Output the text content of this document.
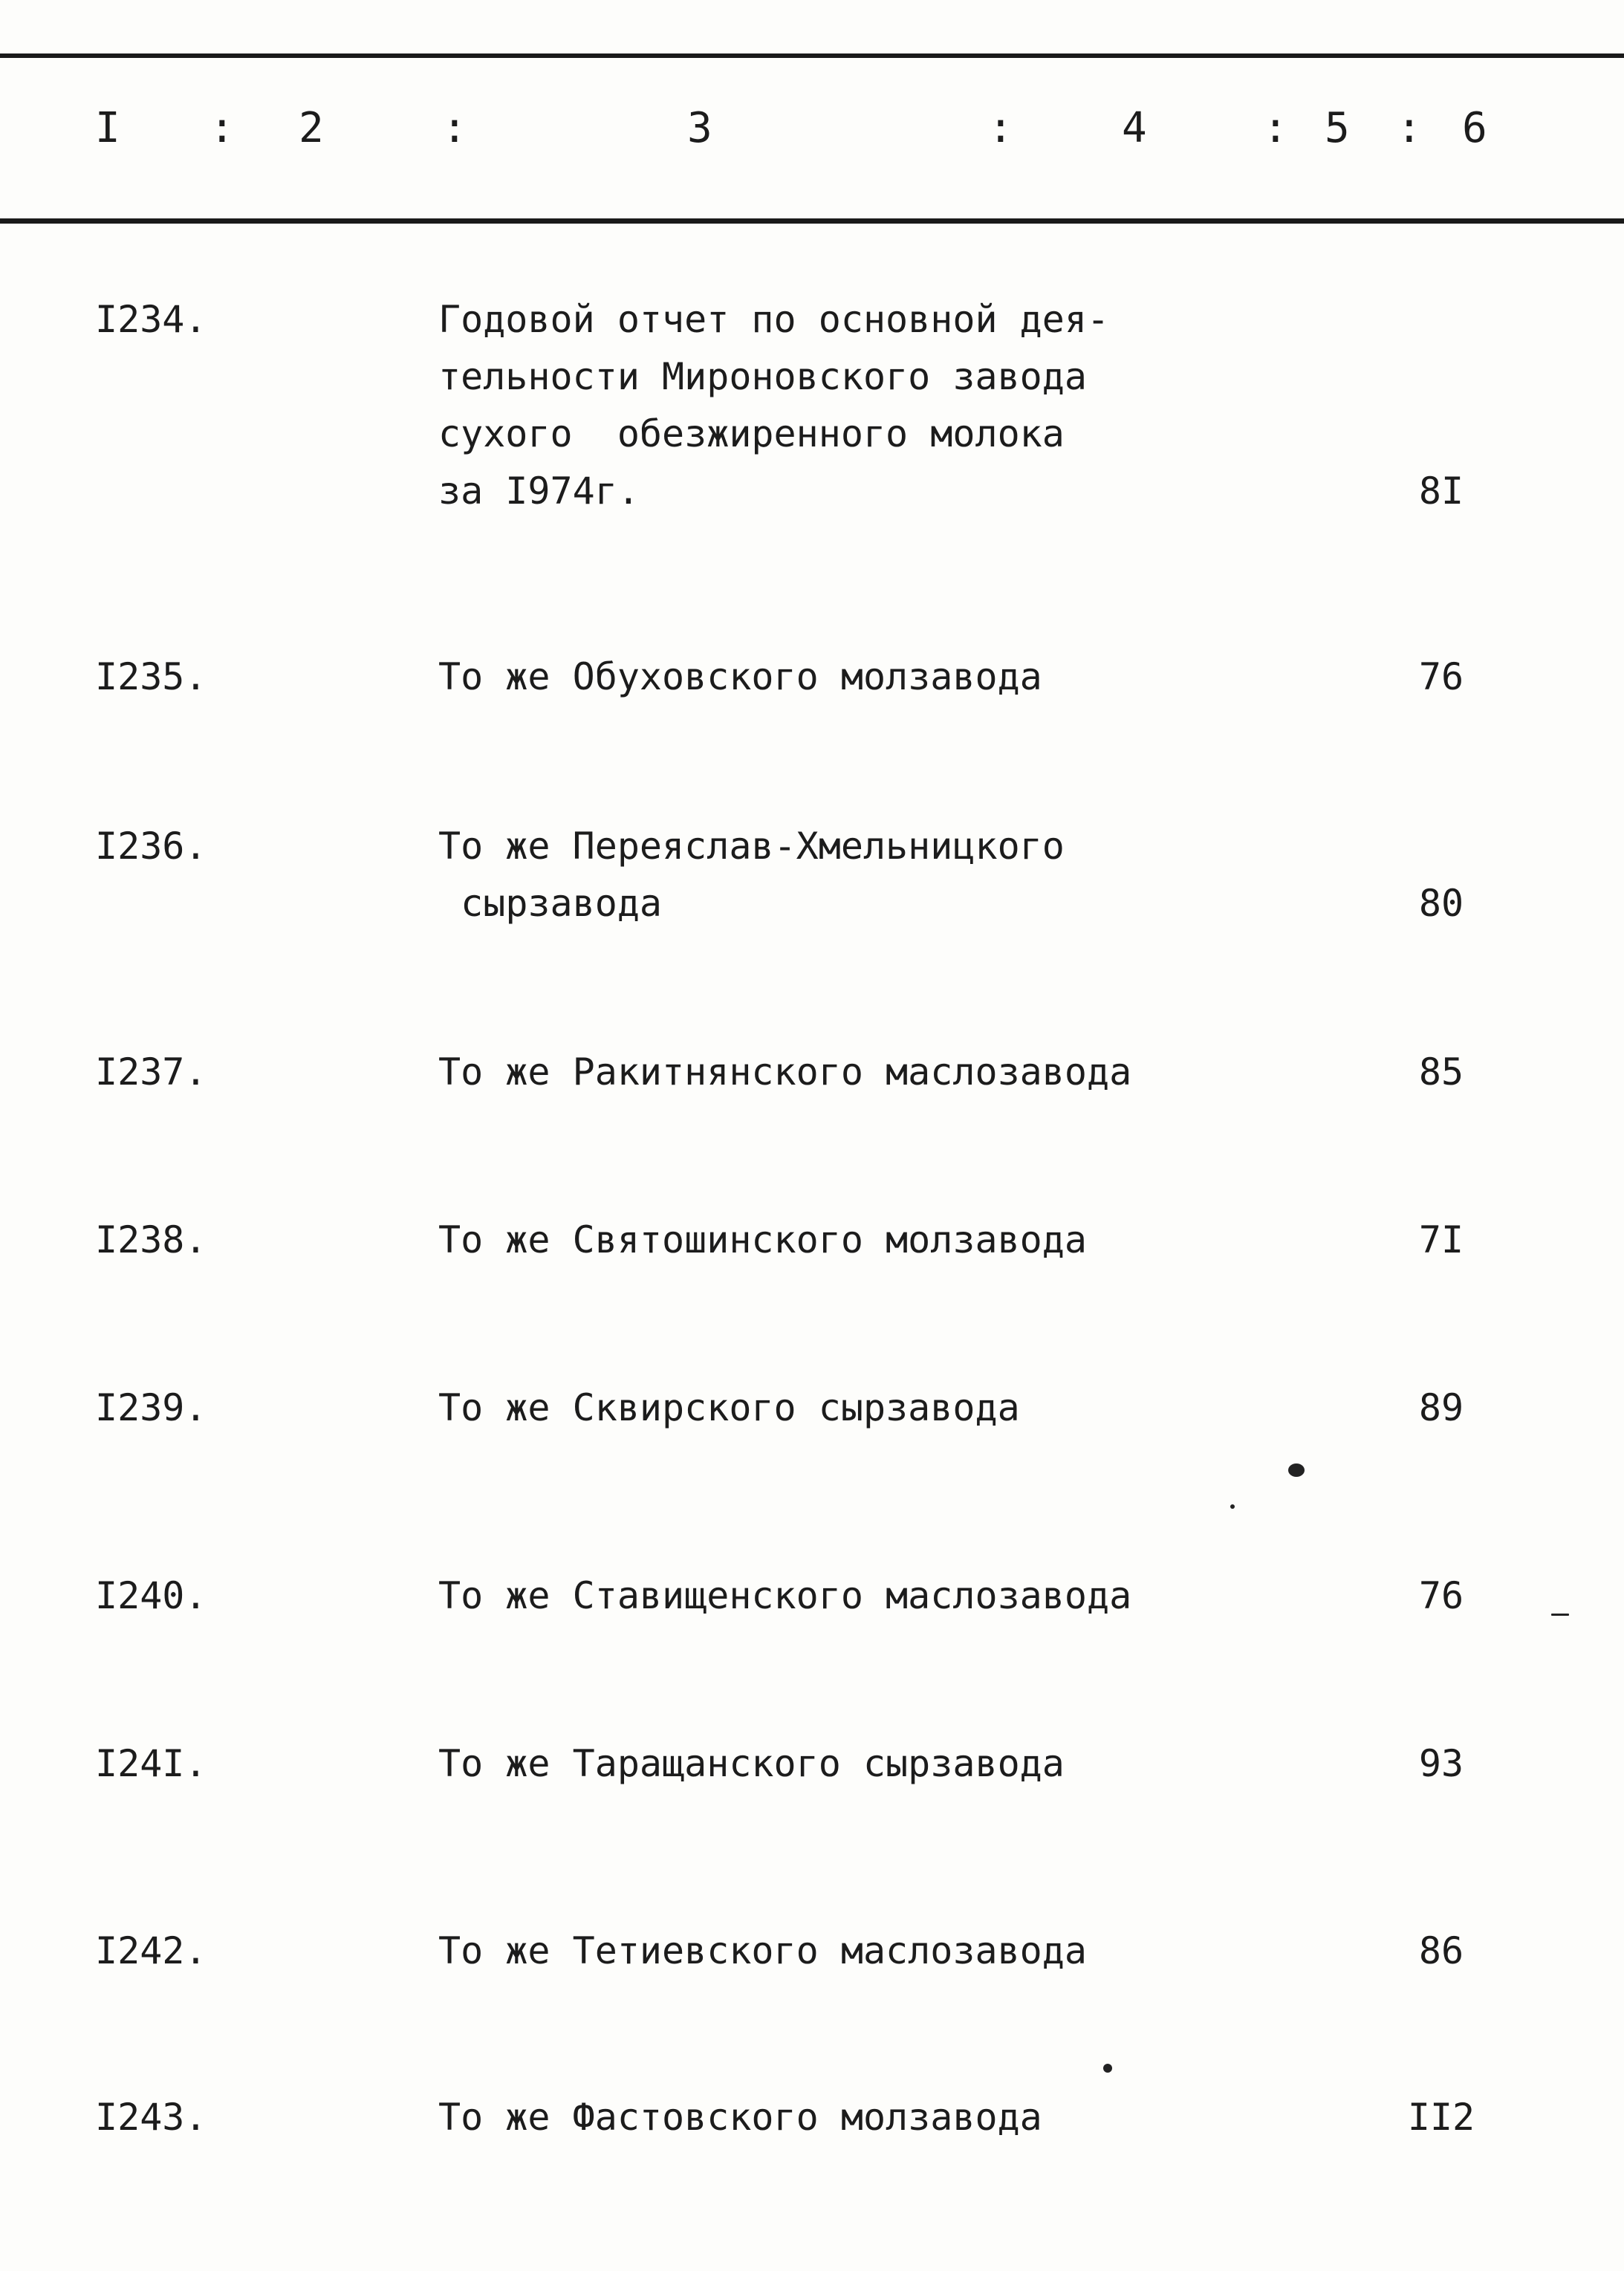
I : 2	:	3	:	4	: 5 : 6
I234.	Годовой отчет по основной дея-
тельности Мироновского завода
сухого  обезжиренного молока
за I974г.	8I
I235.	То же Обуховского молзавода	76
I236.	То же Переяслав-Хмельницкого
сырзавода	80
I237.	То же Ракитнянского маслозавода	85
I238.	То же Святошинского молзавода	7I
I239.	То же Сквирского сырзавода	89
I240.	То же Ставищенского маслозавода	76
I24I.	То же Таращанского сырзавода	93
I242.	То же Тетиевского маслозавода	86
I243.	То же Фастовского молзавода	II2
